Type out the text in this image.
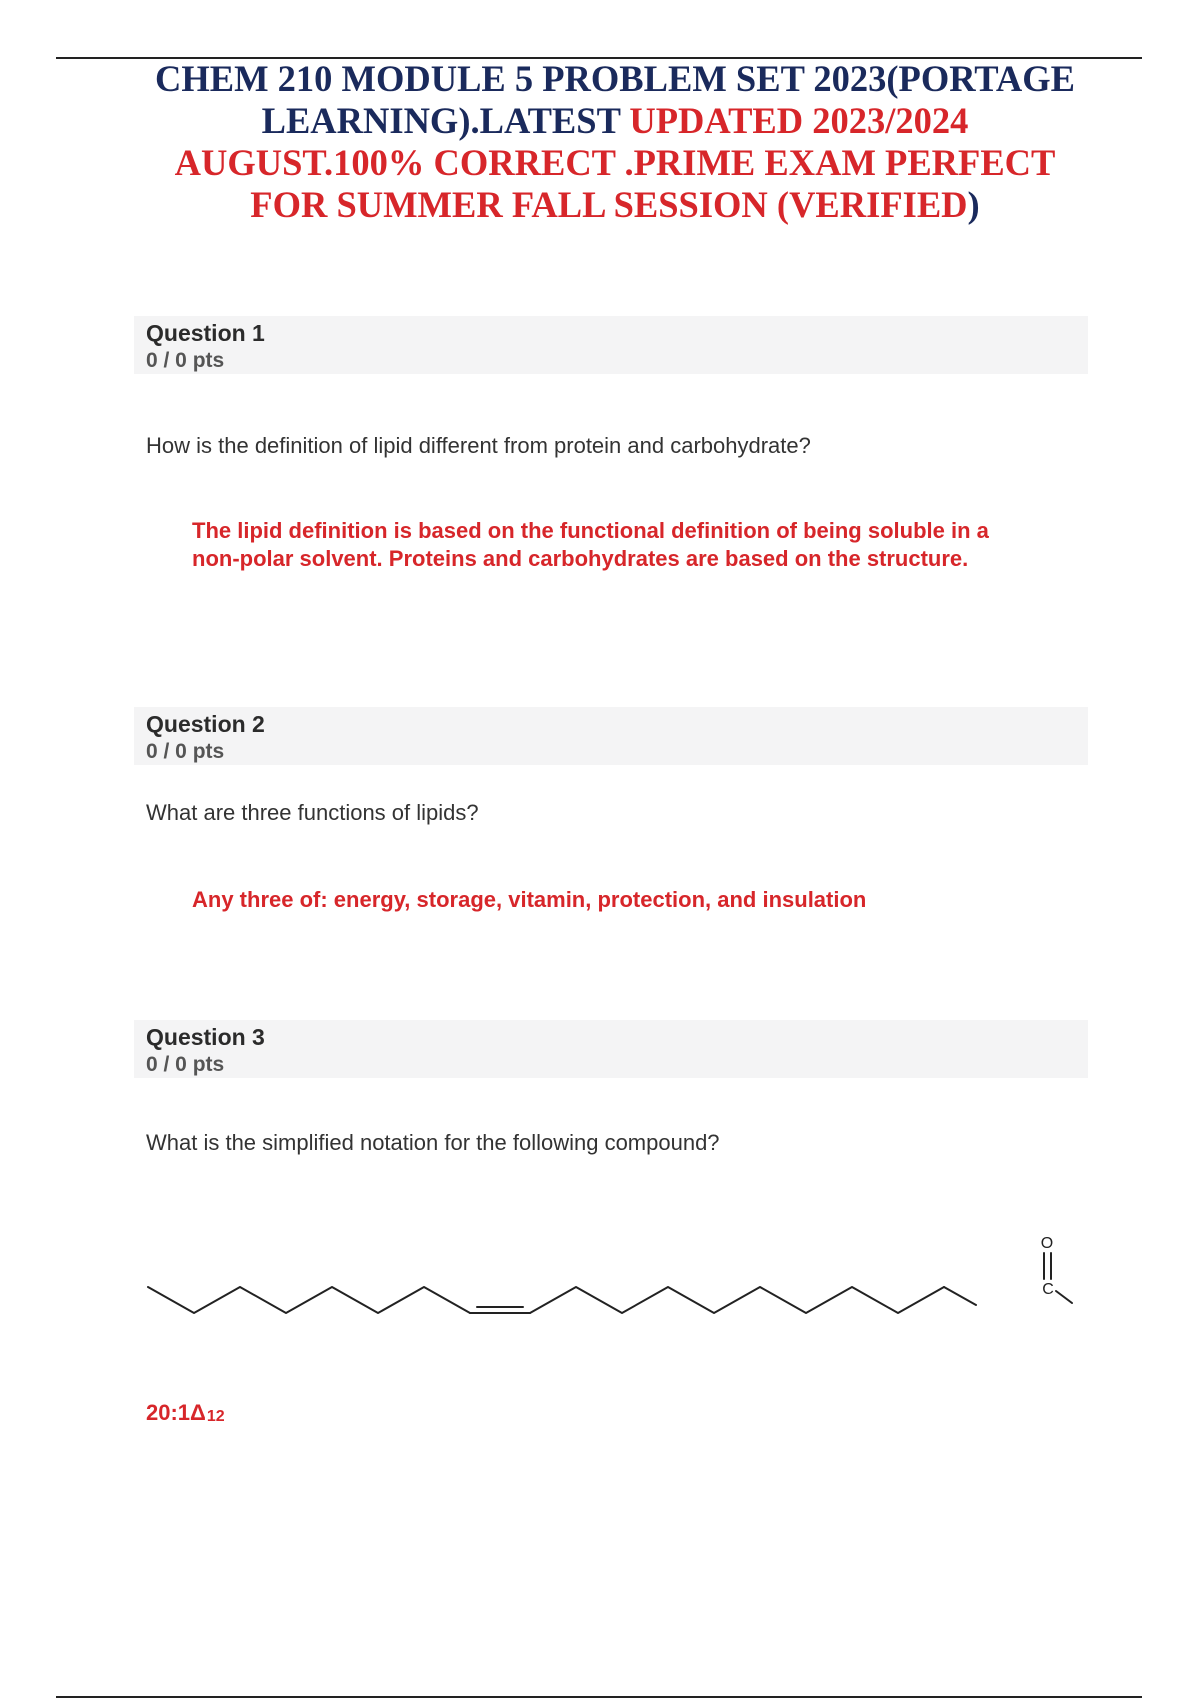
CHEM 210 MODULE 5 PROBLEM SET 2023(PORTAGE LEARNING).LATEST UPDATED 2023/2024 AUGUST.100% CORRECT .PRIME EXAM PERFECT FOR SUMMER FALL SESSION (VERIFIED)
Question 1
0 / 0 pts
How is the definition of lipid different from protein and carbohydrate?
The lipid definition is based on the functional definition of being soluble in a non-polar solvent. Proteins and carbohydrates are based on the structure.
Question 2
0 / 0 pts
What are three functions of lipids?
Any three of: energy, storage, vitamin, protection, and insulation
Question 3
0 / 0 pts
What is the simplified notation for the following compound?
O
C
$20:1\Delta_{12}$
